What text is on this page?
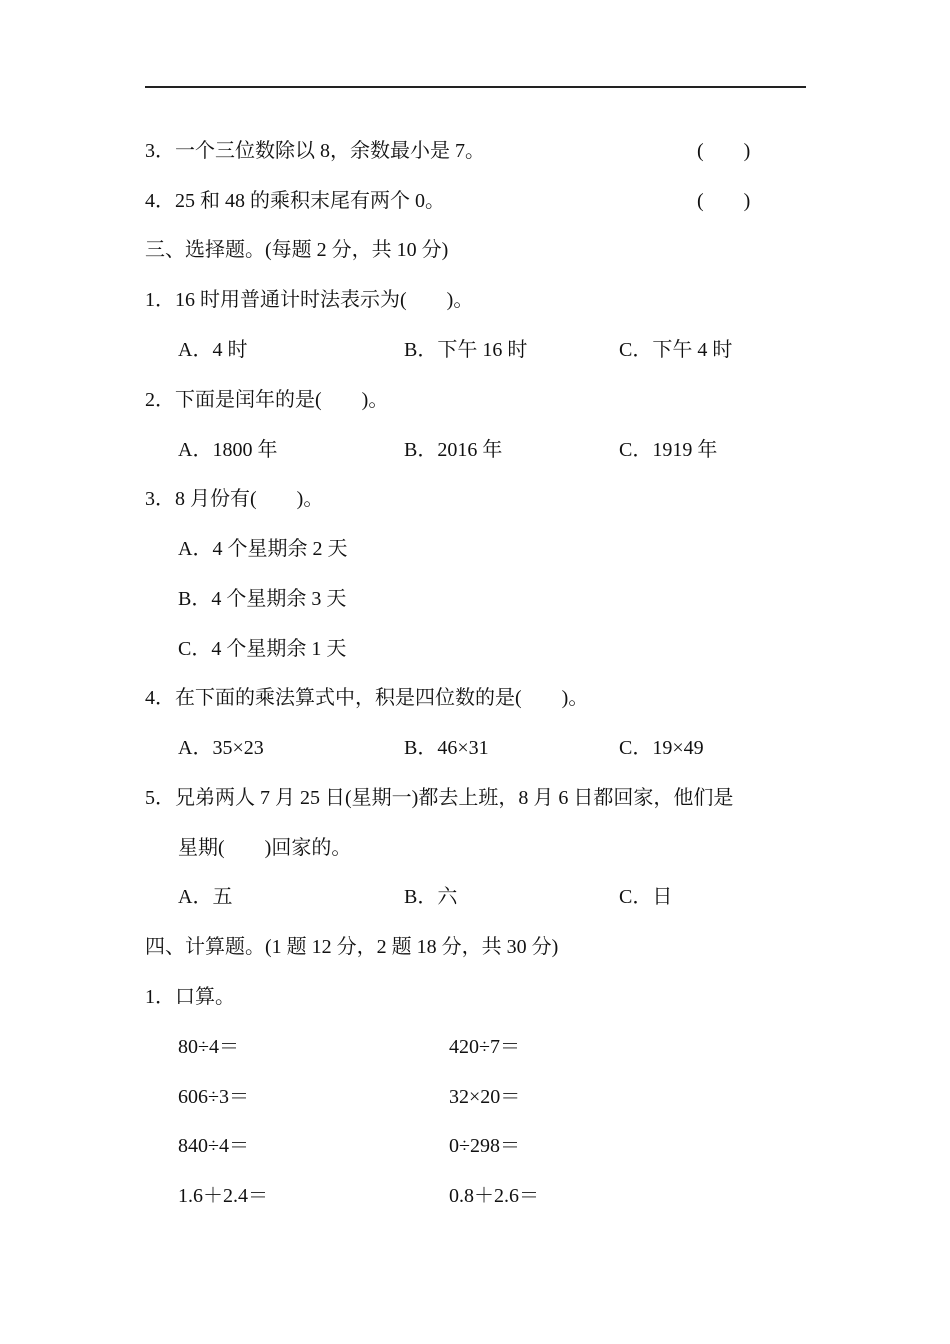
3．一个三位数除以 8，余数最小是 7。	(　　)
4．25 和 48 的乘积末尾有两个 0。	(　　)
三、选择题。(每题 2 分，共 10 分)
1．16 时用普通计时法表示为(　　)。
A．4 时	B．下午 16 时	C．下午 4 时
2．下面是闰年的是(　　)。
A．1800 年	B．2016 年	C．1919 年
3．8 月份有(　　)。
A．4 个星期余 2 天
B．4 个星期余 3 天
C．4 个星期余 1 天
4．在下面的乘法算式中，积是四位数的是(　　)。
A．35×23	B．46×31	C．19×49
5．兄弟两人 7 月 25 日(星期一)都去上班，8 月 6 日都回家，他们是
星期(　　)回家的。
A．五	B．六	C．日
四、计算题。(1 题 12 分，2 题 18 分，共 30 分)
1．口算。
80÷4＝	420÷7＝
606÷3＝	32×20＝
840÷4＝	0÷298＝
1.6＋2.4＝	0.8＋2.6＝
